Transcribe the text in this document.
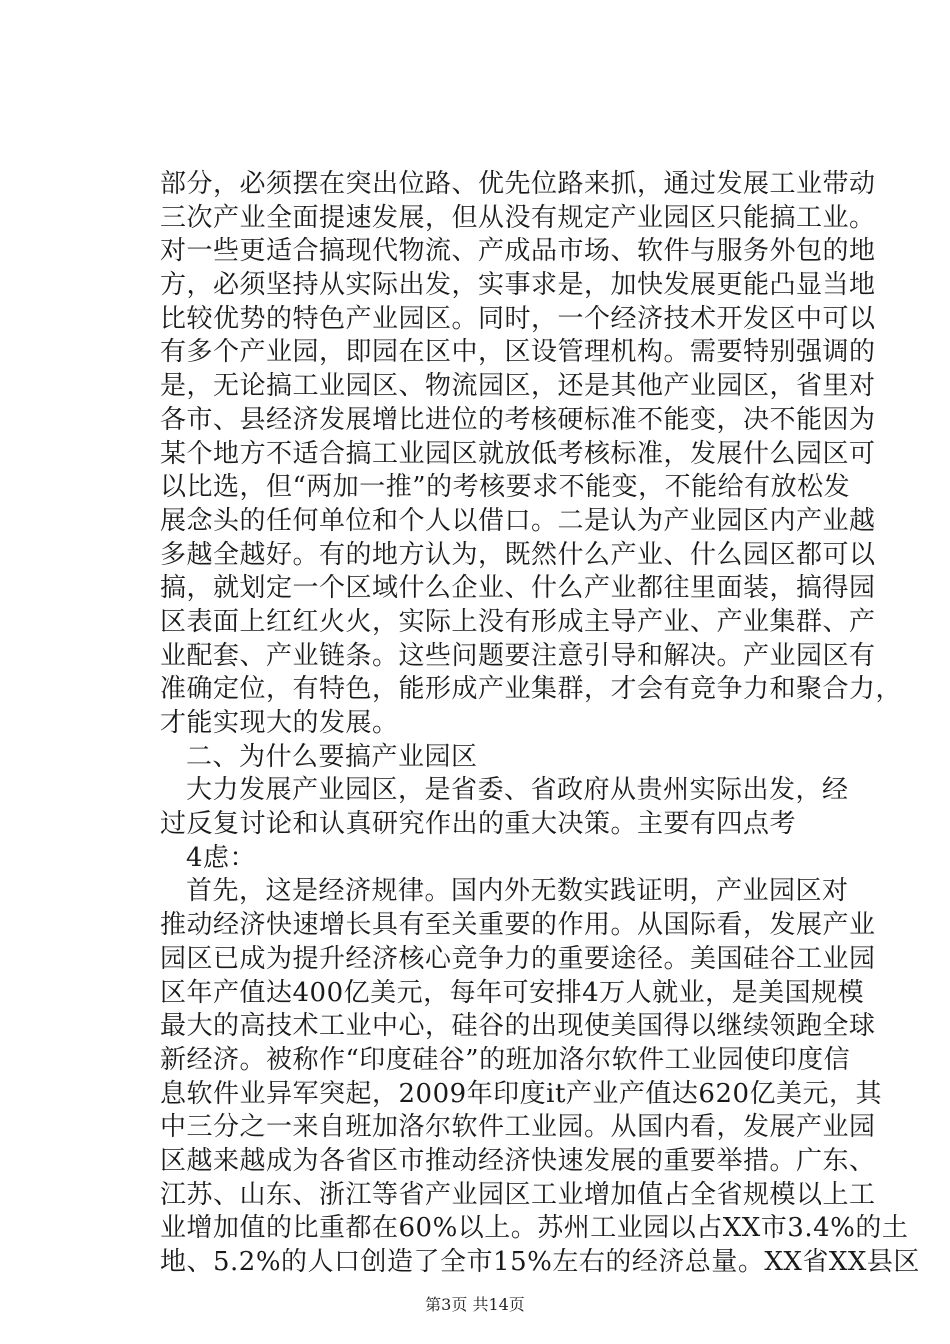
部分，必须摆在突出位路、优先位路来抓，通过发展工业带动
三次产业全面提速发展，但从没有规定产业园区只能搞工业。
对一些更适合搞现代物流、产成品市场、软件与服务外包的地
方，必须坚持从实际出发，实事求是，加快发展更能凸显当地
比较优势的特色产业园区。同时，一个经济技术开发区中可以
有多个产业园，即园在区中，区设管理机构。需要特别强调的
是，无论搞工业园区、物流园区，还是其他产业园区，省里对
各市、县经济发展增比进位的考核硬标准不能变，决不能因为
某个地方不适合搞工业园区就放低考核标准，发展什么园区可
以比选，但“两加一推”的考核要求不能变，不能给有放松发
展念头的任何单位和个人以借口。二是认为产业园区内产业越
多越全越好。有的地方认为，既然什么产业、什么园区都可以
搞，就划定一个区域什么企业、什么产业都往里面装，搞得园
区表面上红红火火，实际上没有形成主导产业、产业集群、产
业配套、产业链条。这些问题要注意引导和解决。产业园区有
准确定位，有特色，能形成产业集群，才会有竞争力和聚合力，
才能实现大的发展。
二、为什么要搞产业园区
大力发展产业园区，是省委、省政府从贵州实际出发，经
过反复讨论和认真研究作出的重大决策。主要有四点考
4虑：
首先，这是经济规律。国内外无数实践证明，产业园区对
推动经济快速增长具有至关重要的作用。从国际看，发展产业
园区已成为提升经济核心竞争力的重要途径。美国硅谷工业园
区年产值达400亿美元，每年可安排4万人就业，是美国规模
最大的高技术工业中心，硅谷的出现使美国得以继续领跑全球
新经济。被称作“印度硅谷”的班加洛尔软件工业园使印度信
息软件业异军突起，2009年印度it产业产值达620亿美元，其
中三分之一来自班加洛尔软件工业园。从国内看，发展产业园
区越来越成为各省区市推动经济快速发展的重要举措。广东、
江苏、山东、浙江等省产业园区工业增加值占全省规模以上工
业增加值的比重都在60%以上。苏州工业园以占XX市3.4%的土
地、5.2%的人口创造了全市15%左右的经济总量。XX省XX县区
第3页 共14页
